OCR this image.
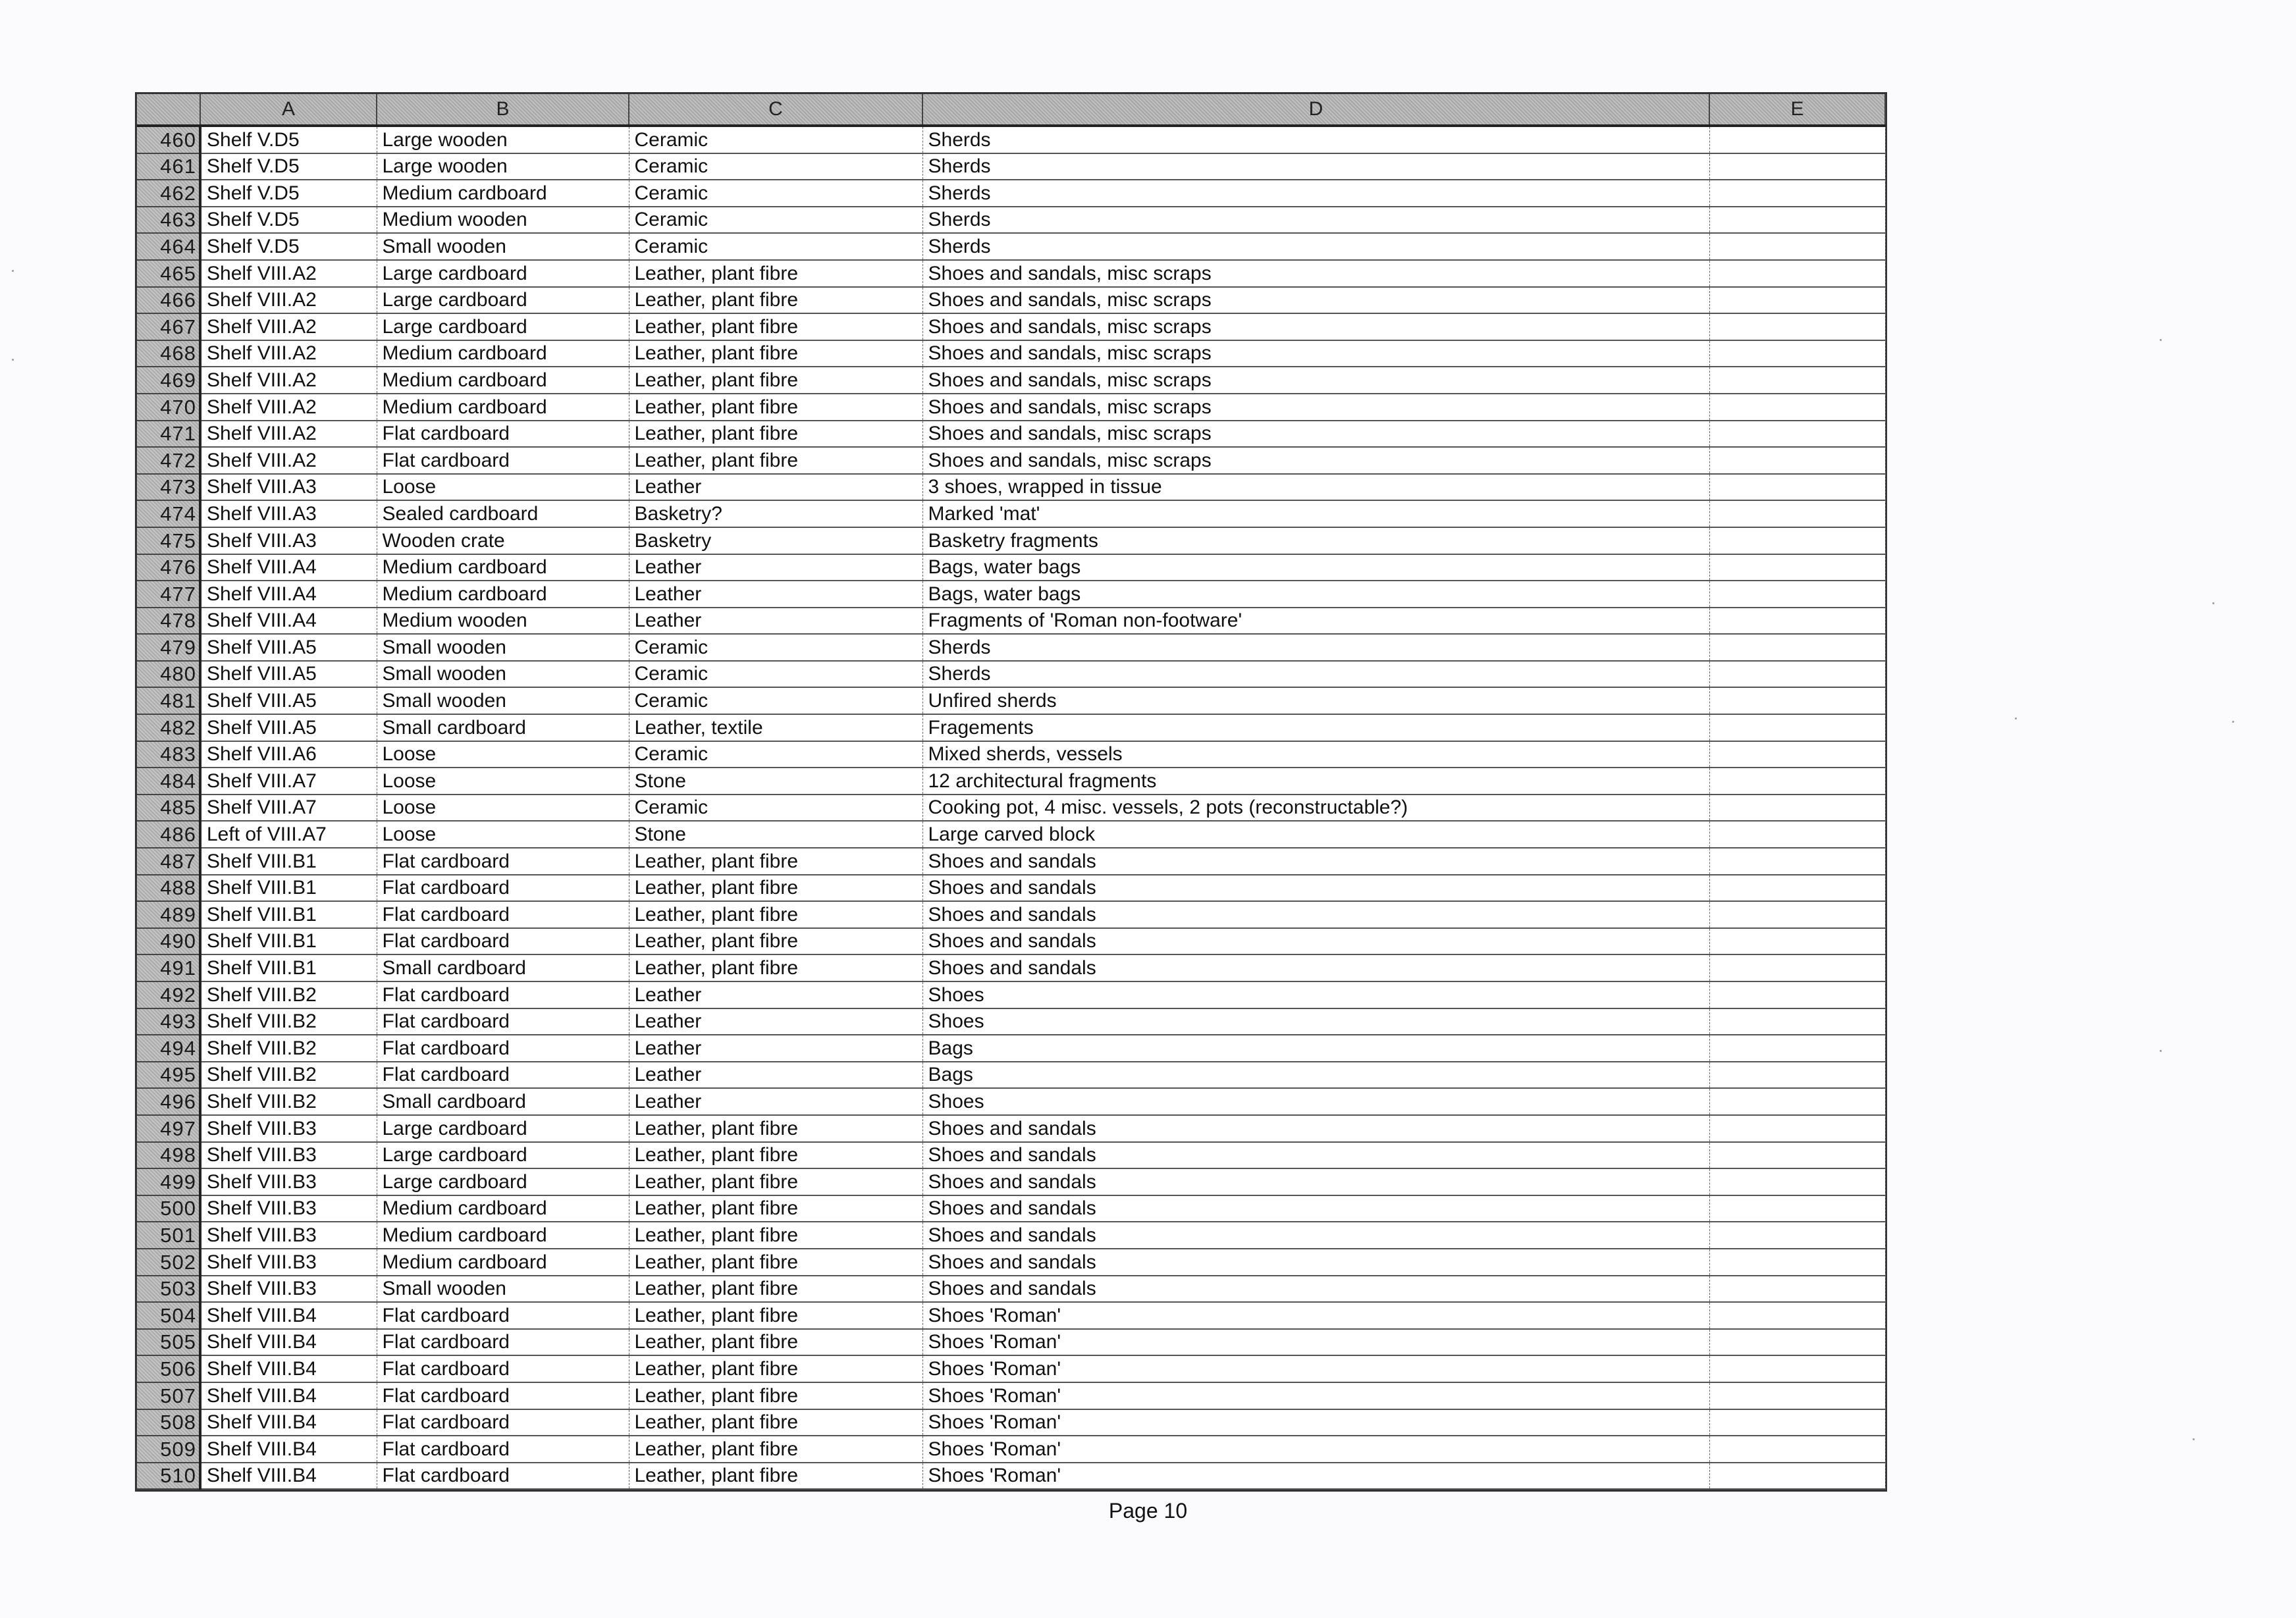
	A	B	C	D	E
460	Shelf V.D5	Large wooden	Ceramic	Sherds	
461	Shelf V.D5	Large wooden	Ceramic	Sherds	
462	Shelf V.D5	Medium cardboard	Ceramic	Sherds	
463	Shelf V.D5	Medium wooden	Ceramic	Sherds	
464	Shelf V.D5	Small wooden	Ceramic	Sherds	
465	Shelf VIII.A2	Large cardboard	Leather, plant fibre	Shoes and sandals, misc scraps	
466	Shelf VIII.A2	Large cardboard	Leather, plant fibre	Shoes and sandals, misc scraps	
467	Shelf VIII.A2	Large cardboard	Leather, plant fibre	Shoes and sandals, misc scraps	
468	Shelf VIII.A2	Medium cardboard	Leather, plant fibre	Shoes and sandals, misc scraps	
469	Shelf VIII.A2	Medium cardboard	Leather, plant fibre	Shoes and sandals, misc scraps	
470	Shelf VIII.A2	Medium cardboard	Leather, plant fibre	Shoes and sandals, misc scraps	
471	Shelf VIII.A2	Flat cardboard	Leather, plant fibre	Shoes and sandals, misc scraps	
472	Shelf VIII.A2	Flat cardboard	Leather, plant fibre	Shoes and sandals, misc scraps	
473	Shelf VIII.A3	Loose	Leather	3 shoes, wrapped in tissue	
474	Shelf VIII.A3	Sealed cardboard	Basketry?	Marked 'mat'	
475	Shelf VIII.A3	Wooden crate	Basketry	Basketry fragments	
476	Shelf VIII.A4	Medium cardboard	Leather	Bags, water bags	
477	Shelf VIII.A4	Medium cardboard	Leather	Bags, water bags	
478	Shelf VIII.A4	Medium wooden	Leather	Fragments of 'Roman non-footware'	
479	Shelf VIII.A5	Small wooden	Ceramic	Sherds	
480	Shelf VIII.A5	Small wooden	Ceramic	Sherds	
481	Shelf VIII.A5	Small wooden	Ceramic	Unfired sherds	
482	Shelf VIII.A5	Small cardboard	Leather, textile	Fragements	
483	Shelf VIII.A6	Loose	Ceramic	Mixed sherds, vessels	
484	Shelf VIII.A7	Loose	Stone	12 architectural fragments	
485	Shelf VIII.A7	Loose	Ceramic	Cooking pot, 4 misc. vessels, 2 pots (reconstructable?)	
486	Left of VIII.A7	Loose	Stone	Large carved block	
487	Shelf VIII.B1	Flat cardboard	Leather, plant fibre	Shoes and sandals	
488	Shelf VIII.B1	Flat cardboard	Leather, plant fibre	Shoes and sandals	
489	Shelf VIII.B1	Flat cardboard	Leather, plant fibre	Shoes and sandals	
490	Shelf VIII.B1	Flat cardboard	Leather, plant fibre	Shoes and sandals	
491	Shelf VIII.B1	Small cardboard	Leather, plant fibre	Shoes and sandals	
492	Shelf VIII.B2	Flat cardboard	Leather	Shoes	
493	Shelf VIII.B2	Flat cardboard	Leather	Shoes	
494	Shelf VIII.B2	Flat cardboard	Leather	Bags	
495	Shelf VIII.B2	Flat cardboard	Leather	Bags	
496	Shelf VIII.B2	Small cardboard	Leather	Shoes	
497	Shelf VIII.B3	Large cardboard	Leather, plant fibre	Shoes and sandals	
498	Shelf VIII.B3	Large cardboard	Leather, plant fibre	Shoes and sandals	
499	Shelf VIII.B3	Large cardboard	Leather, plant fibre	Shoes and sandals	
500	Shelf VIII.B3	Medium cardboard	Leather, plant fibre	Shoes and sandals	
501	Shelf VIII.B3	Medium cardboard	Leather, plant fibre	Shoes and sandals	
502	Shelf VIII.B3	Medium cardboard	Leather, plant fibre	Shoes and sandals	
503	Shelf VIII.B3	Small wooden	Leather, plant fibre	Shoes and sandals	
504	Shelf VIII.B4	Flat cardboard	Leather, plant fibre	Shoes 'Roman'	
505	Shelf VIII.B4	Flat cardboard	Leather, plant fibre	Shoes 'Roman'	
506	Shelf VIII.B4	Flat cardboard	Leather, plant fibre	Shoes 'Roman'	
507	Shelf VIII.B4	Flat cardboard	Leather, plant fibre	Shoes 'Roman'	
508	Shelf VIII.B4	Flat cardboard	Leather, plant fibre	Shoes 'Roman'	
509	Shelf VIII.B4	Flat cardboard	Leather, plant fibre	Shoes 'Roman'	
510	Shelf VIII.B4	Flat cardboard	Leather, plant fibre	Shoes 'Roman'	
Page 10
